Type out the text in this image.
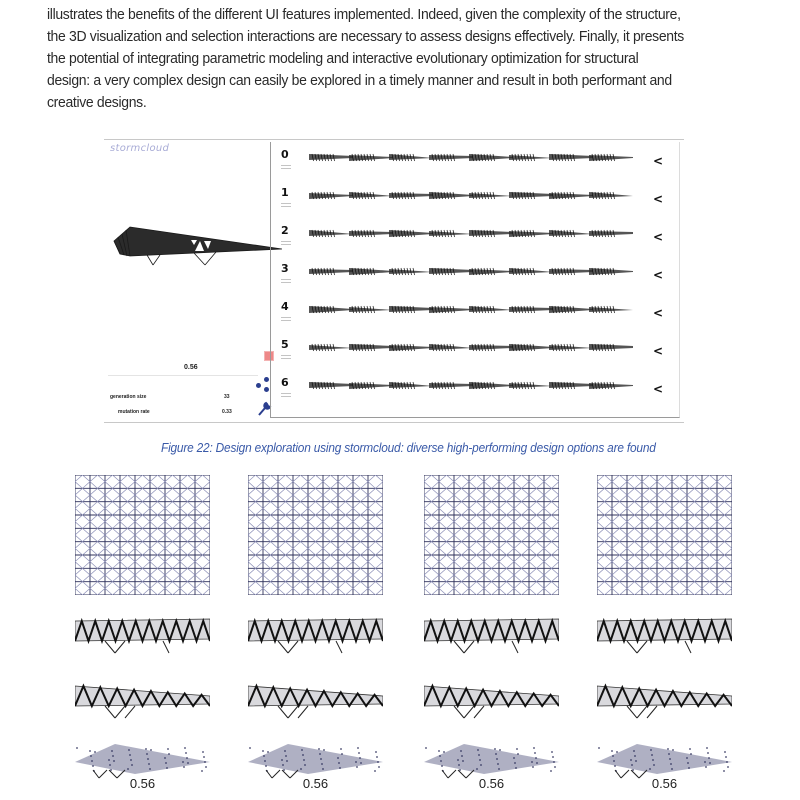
illustrates the benefits of the different UI features implemented. Indeed, given the complexity of the structure,
the 3D visualization and selection interactions are necessary to assess designs effectively. Finally, it presents
the potential of integrating parametric modeling and interactive evolutionary optimization for structural
design: a very complex design can easily be explored in a timely manner and result in both performant and
creative designs.
stormcloud
0.56
generation size	33
mutation rate	0.33
0	<
1	<
2	<
3	<
4	<
5	<
6	<
Figure 22: Design exploration using stormcloud: diverse high-performing design options are found
0.56	0.56	0.56	0.56
